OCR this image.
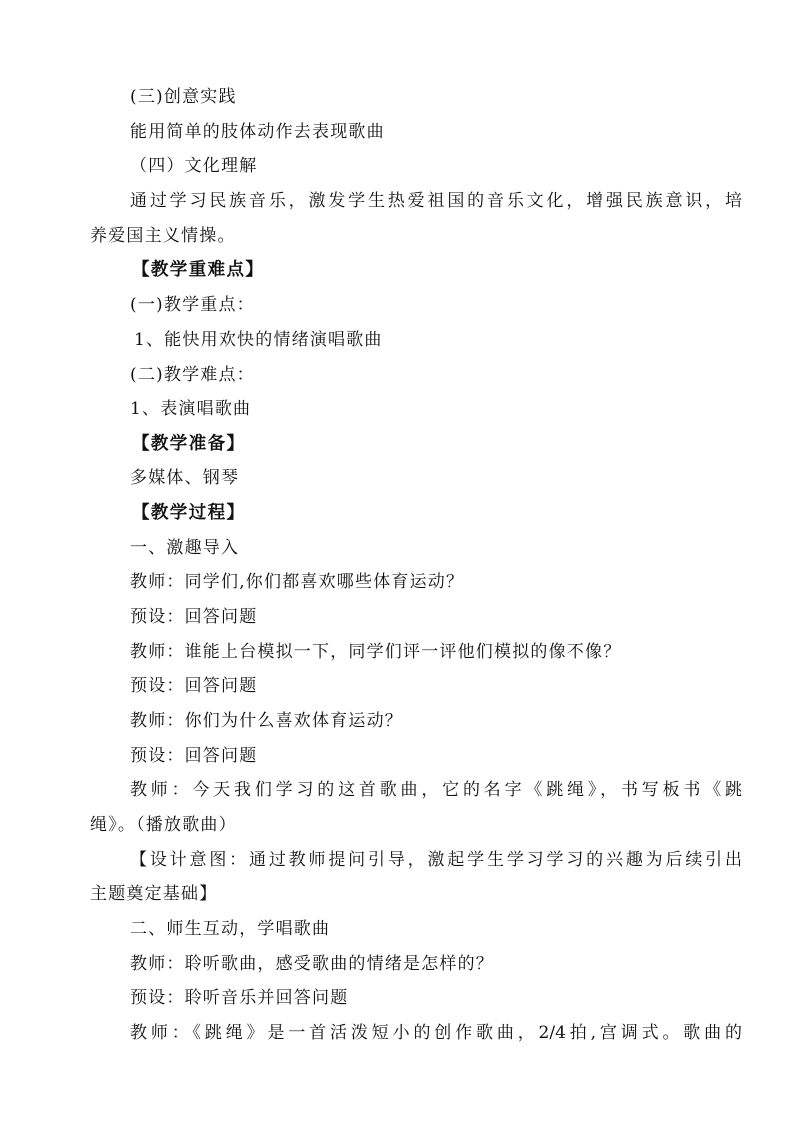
(三)创意实践
能用简单的肢体动作去表现歌曲
（四）文化理解
通过学习民族音乐，激发学生热爱祖国的音乐文化，增强民族意识，培
养爱国主义情操。
【教学重难点】
(一)教学重点：
1、能快用欢快的情绪演唱歌曲
(二)教学难点：
1、表演唱歌曲
【教学准备】
多媒体、钢琴
【教学过程】
一、激趣导入
教师：同学们,你们都喜欢哪些体育运动？
预设：回答问题
教师：谁能上台模拟一下，同学们评一评他们模拟的像不像？
预设：回答问题
教师：你们为什么喜欢体育运动？
预设：回答问题
教师：今天我们学习的这首歌曲，它的名字《跳绳》，书写板书《跳
绳》。（播放歌曲）
【设计意图：通过教师提问引导，激起学生学习学习的兴趣为后续引出
主题奠定基础】
二、师生互动，学唱歌曲
教师：聆听歌曲，感受歌曲的情绪是怎样的？
预设：聆听音乐并回答问题
教师：《跳绳》是一首活泼短小的创作歌曲，2/4拍,宫调式。歌曲的
